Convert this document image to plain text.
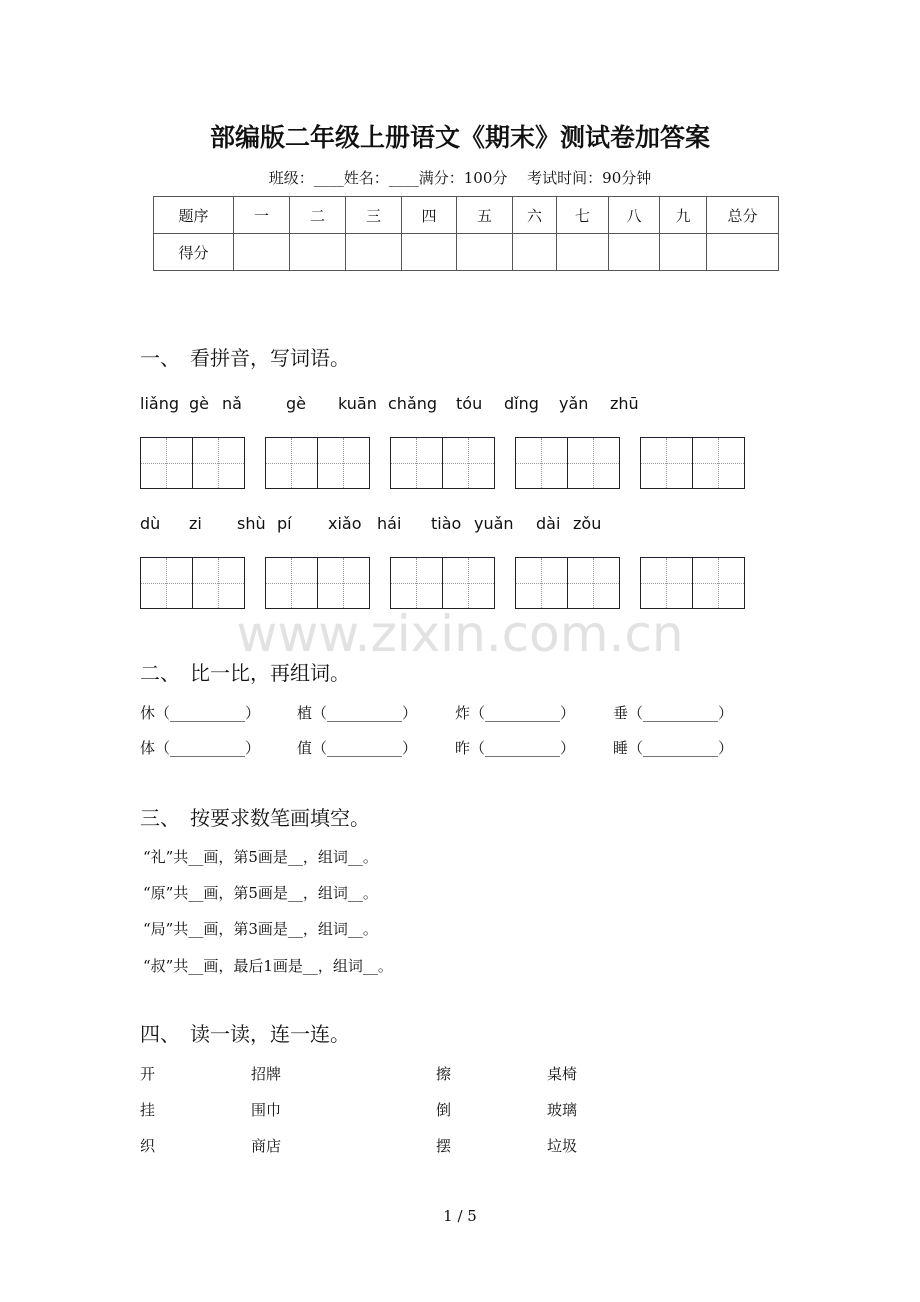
www.zixin.com.cn
部编版二年级上册语文《期末》测试卷加答案
班级：____姓名：____满分：100分　 考试时间：90分钟
题序	一	二	三	四	五	六	七	八	九	总分
得分										
一、　看拼音，写词语。
二、　比一比，再组词。
三、　按要求数笔画填空。
四、　读一读，连一连。
liǎng gè nǎ	gè kuān chǎng tóu dǐng yǎn zhū
dù zi shù pí xiǎo hái tiào yuǎn dài zǒu
休（__________） 植（__________）	炸（__________）	垂（__________）
体（__________） 值（__________）	昨（__________）	睡（__________）
“礼”共__画，第5画是__，组词__。
“原”共__画，第5画是__，组词__。
“局”共__画，第3画是__，组词__。
“叔”共__画，最后1画是__，组词__。
开	招牌	擦	桌椅
挂	围巾	倒	玻璃
织	商店	摆	垃圾
1 / 5
